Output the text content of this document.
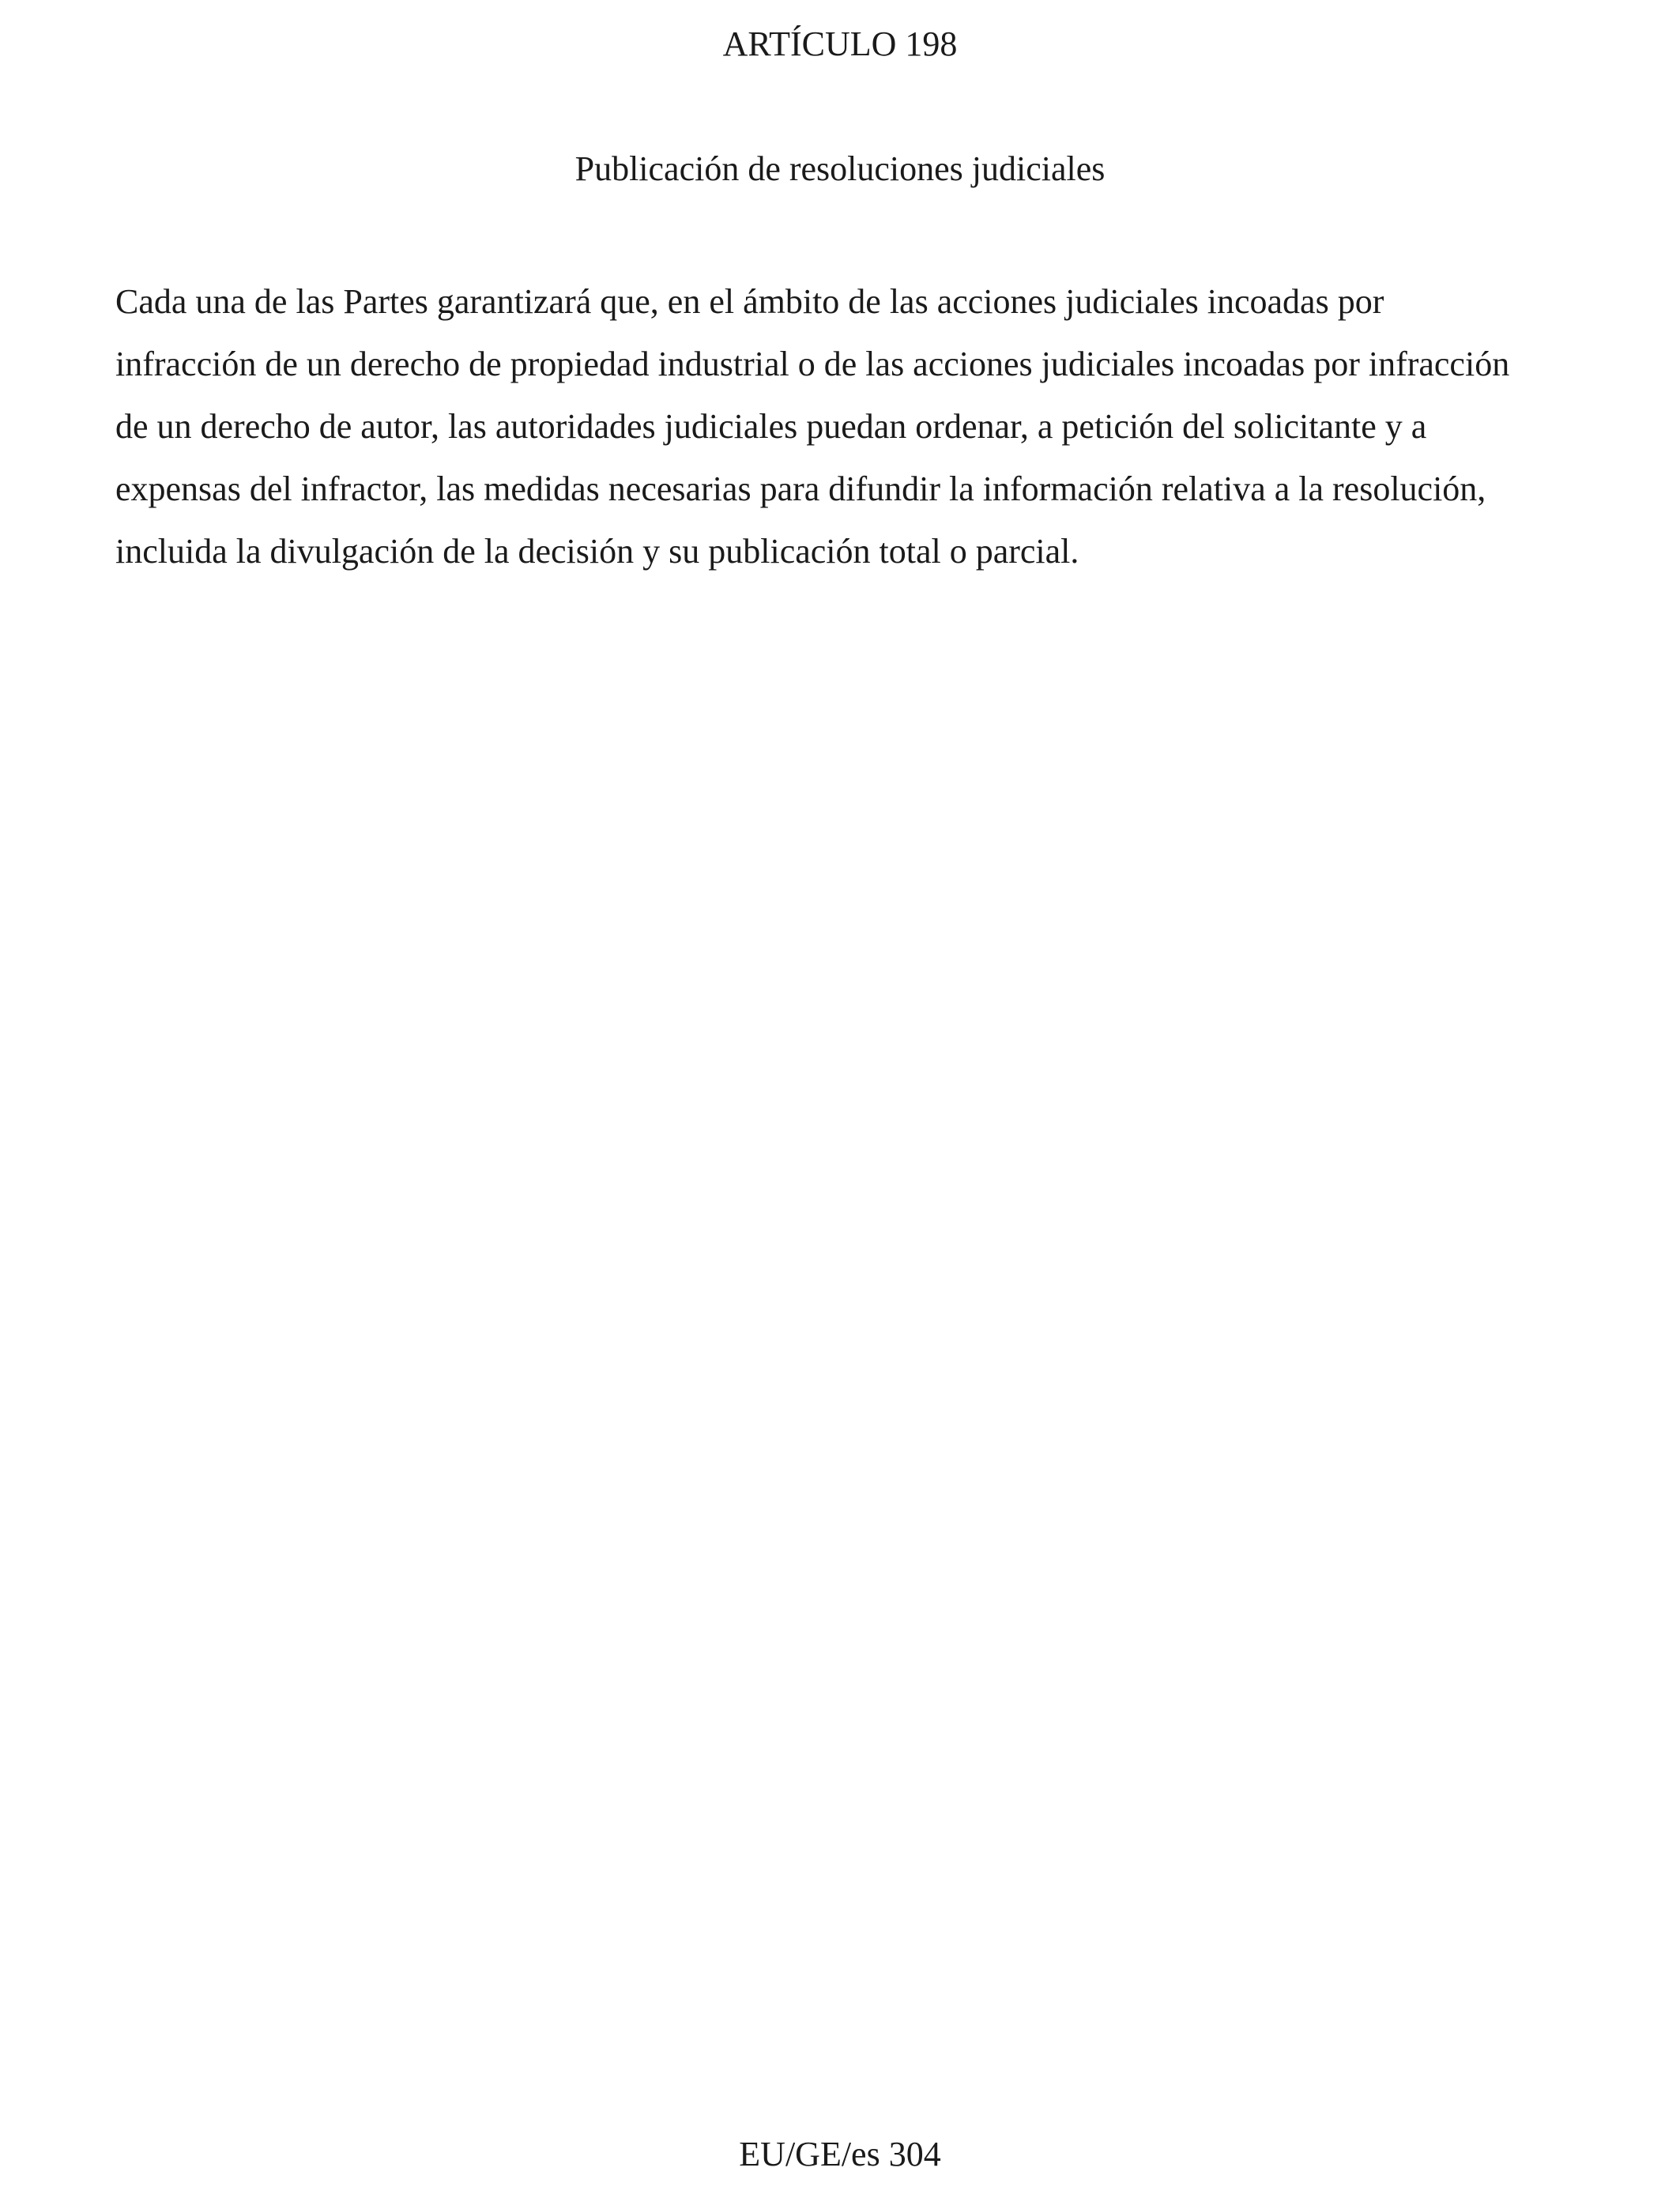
ARTÍCULO 198
Publicación de resoluciones judiciales

Cada una de las Partes garantizará que, en el ámbito de las acciones judiciales incoadas por
infracción de un derecho de propiedad industrial o de las acciones judiciales incoadas por infracción
de un derecho de autor, las autoridades judiciales puedan ordenar, a petición del solicitante y a
expensas del infractor, las medidas necesarias para difundir la información relativa a la resolución,
incluida la divulgación de la decisión y su publicación total o parcial.

EU/GE/es 304
